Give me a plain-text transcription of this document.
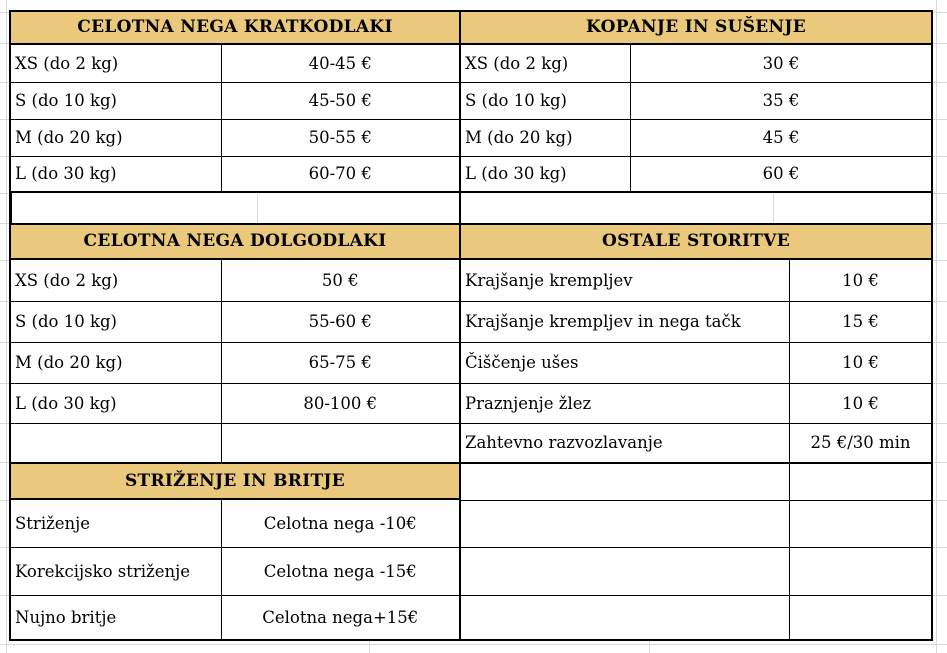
CELOTNA NEGA KRATKODLAKI
XS (do 2 kg)	40-45 €
S (do 10 kg)	45-50 €
M (do 20 kg)	50-55 €
L (do 30 kg)	60-70 €
KOPANJE IN SUŠENJE
XS (do 2 kg)	30 €
S (do 10 kg)	35 €
M (do 20 kg)	45 €
L (do 30 kg)	60 €
CELOTNA NEGA DOLGODLAKI
XS (do 2 kg)	50 €
S (do 10 kg)	55-60 €
M (do 20 kg)	65-75 €
L (do 30 kg)	80-100 €
OSTALE STORITVE
Krajšanje krempljev	10 €
Krajšanje krempljev in nega tačk	15 €
Čiščenje ušes	10 €
Praznjenje žlez	10 €
Zahtevno razvozlavanje	25 €/30 min
STRIŽENJE IN BRITJE
Striženje	Celotna nega -10€
Korekcijsko striženje	Celotna nega -15€
Nujno britje	Celotna nega+15€
